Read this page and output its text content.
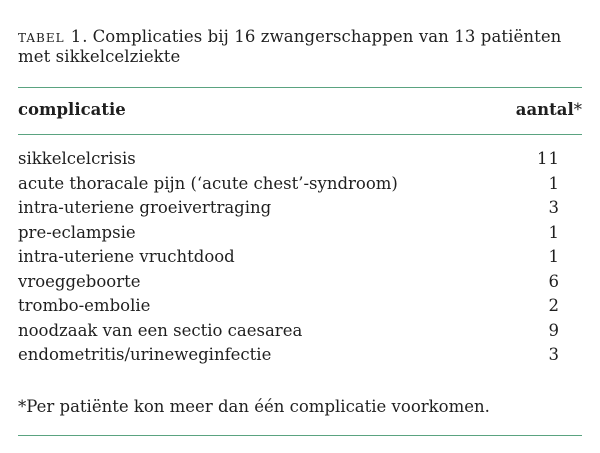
tabel 1. Complicaties bij 16 zwangerschappen van 13 patiënten met sikkelcelziekte
complicatie	aantal*
sikkelcelcrisis	11
acute thoracale pijn (‘acute chest’-syndroom)	1
intra-uteriene groeivertraging	3
pre-eclampsie	1
intra-uteriene vruchtdood	1
vroeggeboorte	6
trombo-embolie	2
noodzaak van een sectio caesarea	9
endometritis/urineweginfectie	3
*Per patiënte kon meer dan één complicatie voorkomen.
